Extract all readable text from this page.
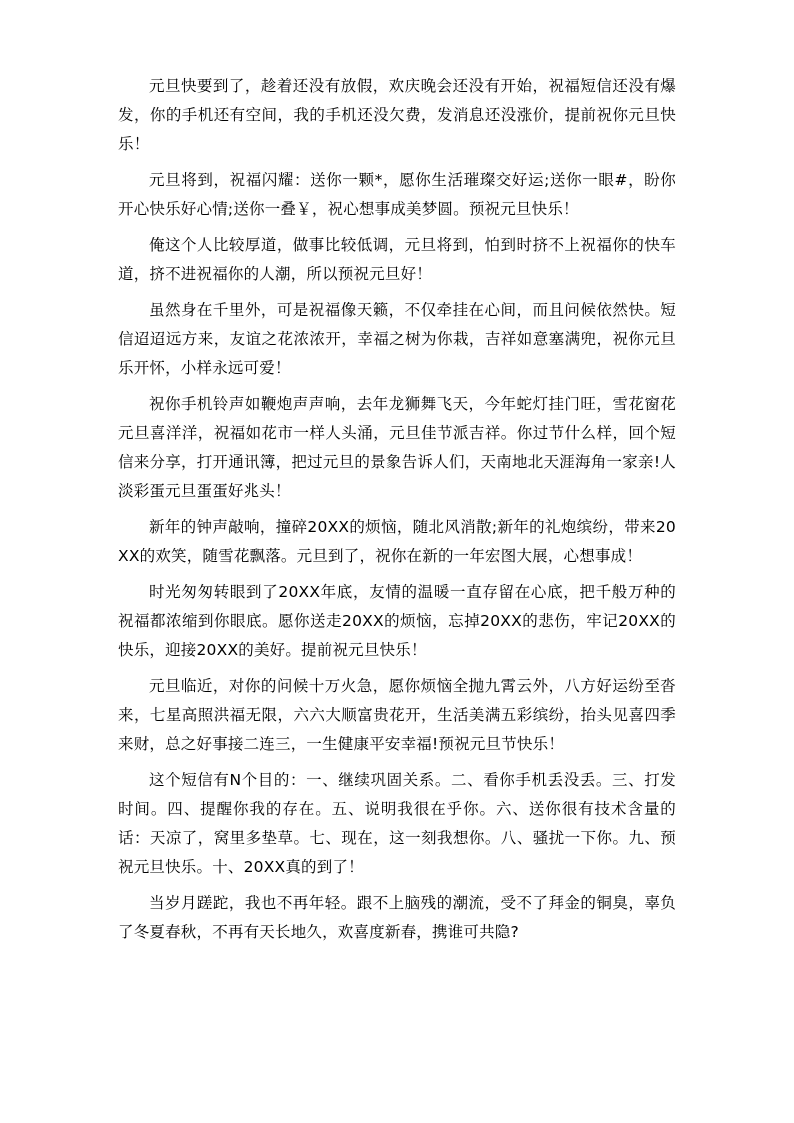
元旦快要到了，趁着还没有放假，欢庆晚会还没有开始，祝福短信还没有爆发，你的手机还有空间，我的手机还没欠费，发消息还没涨价，提前祝你元旦快乐！

元旦将到，祝福闪耀：送你一颗*，愿你生活璀璨交好运;送你一眼#，盼你开心快乐好心情;送你一叠￥，祝心想事成美梦圆。预祝元旦快乐！

俺这个人比较厚道，做事比较低调，元旦将到，怕到时挤不上祝福你的快车道，挤不进祝福你的人潮，所以预祝元旦好！

虽然身在千里外，可是祝福像天籁，不仅牵挂在心间，而且问候依然快。短信迢迢远方来，友谊之花浓浓开，幸福之树为你栽，吉祥如意塞满兜，祝你元旦乐开怀，小样永远可爱！

祝你手机铃声如鞭炮声声响，去年龙狮舞飞天，今年蛇灯挂门旺，雪花窗花元旦喜洋洋，祝福如花市一样人头涌，元旦佳节派吉祥。你过节什么样，回个短信来分享，打开通讯簿，把过元旦的景象告诉人们，天南地北天涯海角一家亲!人淡彩蛋元旦蛋蛋好兆头！

新年的钟声敲响，撞碎20XX的烦恼，随北风消散;新年的礼炮缤纷，带来20XX的欢笑，随雪花飘落。元旦到了，祝你在新的一年宏图大展，心想事成！

时光匆匆转眼到了20XX年底，友情的温暖一直存留在心底，把千般万种的祝福都浓缩到你眼底。愿你送走20XX的烦恼，忘掉20XX的悲伤，牢记20XX的快乐，迎接20XX的美好。提前祝元旦快乐！

元旦临近，对你的问候十万火急，愿你烦恼全抛九霄云外，八方好运纷至沓来，七星高照洪福无限，六六大顺富贵花开，生活美满五彩缤纷，抬头见喜四季来财，总之好事接二连三，一生健康平安幸福!预祝元旦节快乐！

这个短信有N个目的：一、继续巩固关系。二、看你手机丢没丢。三、打发时间。四、提醒你我的存在。五、说明我很在乎你。六、送你很有技术含量的话：天凉了，窝里多垫草。七、现在，这一刻我想你。八、骚扰一下你。九、预祝元旦快乐。十、20XX真的到了！

当岁月蹉跎，我也不再年轻。跟不上脑残的潮流，受不了拜金的铜臭，辜负了冬夏春秋，不再有天长地久，欢喜度新春，携谁可共隐?
